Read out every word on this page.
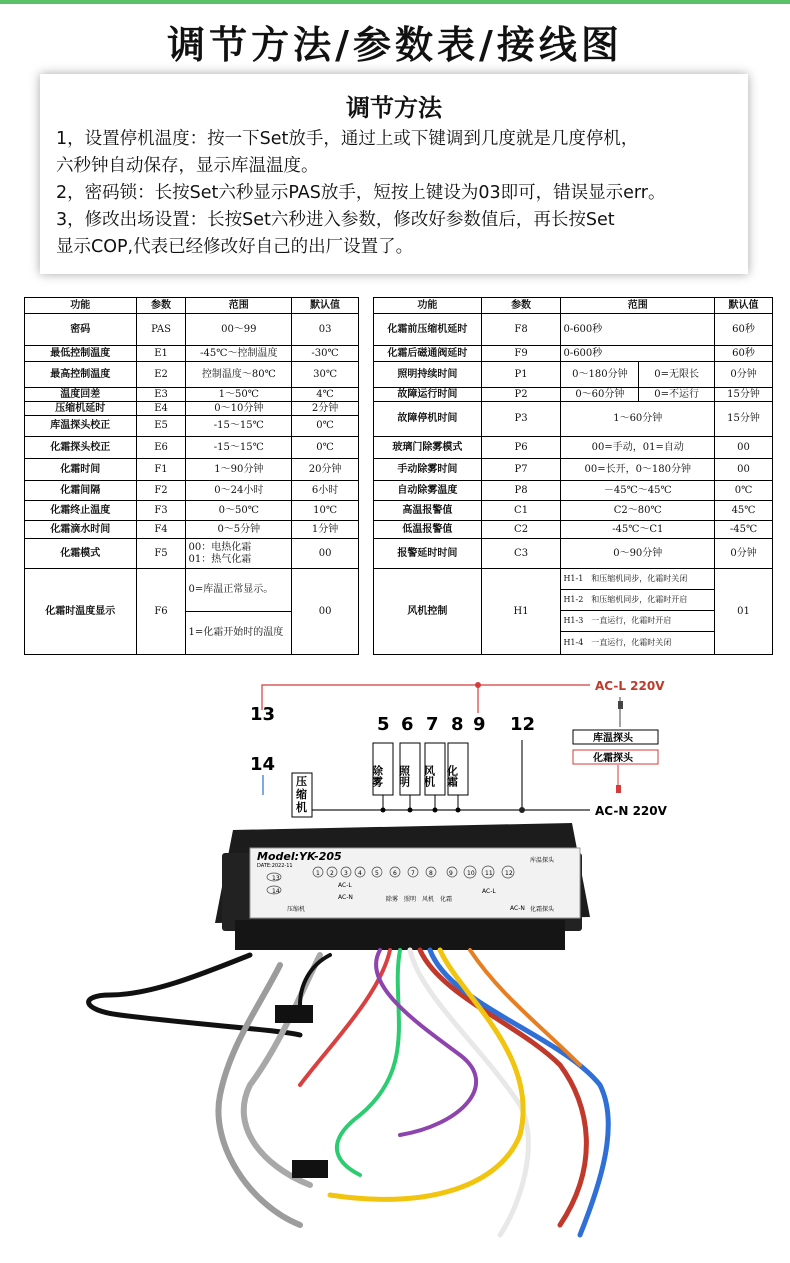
调节方法/参数表/接线图
调节方法
1，设置停机温度：按一下Set放手，通过上或下键调到几度就是几度停机，
六秒钟自动保存，显示库温温度。
2，密码锁：长按Set六秒显示PAS放手，短按上键设为03即可，错误显示err。
3，修改出场设置：长按Set六秒进入参数，修改好参数值后，再长按Set
显示COP,代表已经修改好自己的出厂设置了。
功能	参数	范围	默认值
密码	PAS	00～99	03
最低控制温度	E1	-45℃～控制温度	-30℃
最高控制温度	E2	控制温度～80℃	30℃
温度回差	E3	1～50℃	4℃
压缩机延时	E4	0～10分钟	2分钟
库温探头校正	E5	-15～15℃	0℃
化霜探头校正	E6	-15～15℃	0℃
化霜时间	F1	1～90分钟	20分钟
化霜间隔	F2	0～24小时	6小时
化霜终止温度	F3	0～50℃	10℃
化霜滴水时间	F4	0～5分钟	1分钟
化霜模式	F5	00：电热化霜
01：热气化霜	00
化霜时温度显示	F6	0=库温正常显示。	00
		1=化霜开始时的温度	
功能	参数	范围		默认值
化霜前压缩机延时	F8	0-600秒		60秒
化霜后磁通阀延时	F9	0-600秒		60秒
照明持续时间	P1	0～180分钟	0=无限长	0分钟
故障运行时间	P2	0～60分钟	0=不运行	15分钟
故障停机时间	P3	1～60分钟		15分钟
玻璃门除雾模式	P6	00=手动，01=自动		00
手动除雾时间	P7	00=长开，0～180分钟		00
自动除雾温度	P8	－45℃～45℃		0℃
高温报警值	C1	C2～80℃		45℃
低温报警值	C2	-45℃～C1		-45℃
报警延时时间	C3	0～90分钟		0分钟
风机控制	H1	H1-1　和压缩机同步，化霜时关闭		01
		H1-2　和压缩机同步，化霜时开启		
		H1-3　一直运行，化霜时开启		
		H1-4　一直运行，化霜时关闭		
AC-L 220V
13
14
5 6 7 8 9 12
AC-N 220V
压缩机
除雾 照明 风机 化霜
库温探头
化霜探头
Model:YK-205
DATE:2022-11
1 2 3 4 5 6 7 8	9 10 11 12
13
14
AC-L
AC-N
AC-L
AC-N
压缩机
除雾 照明 风机 化霜
库温探头
化霜探头
